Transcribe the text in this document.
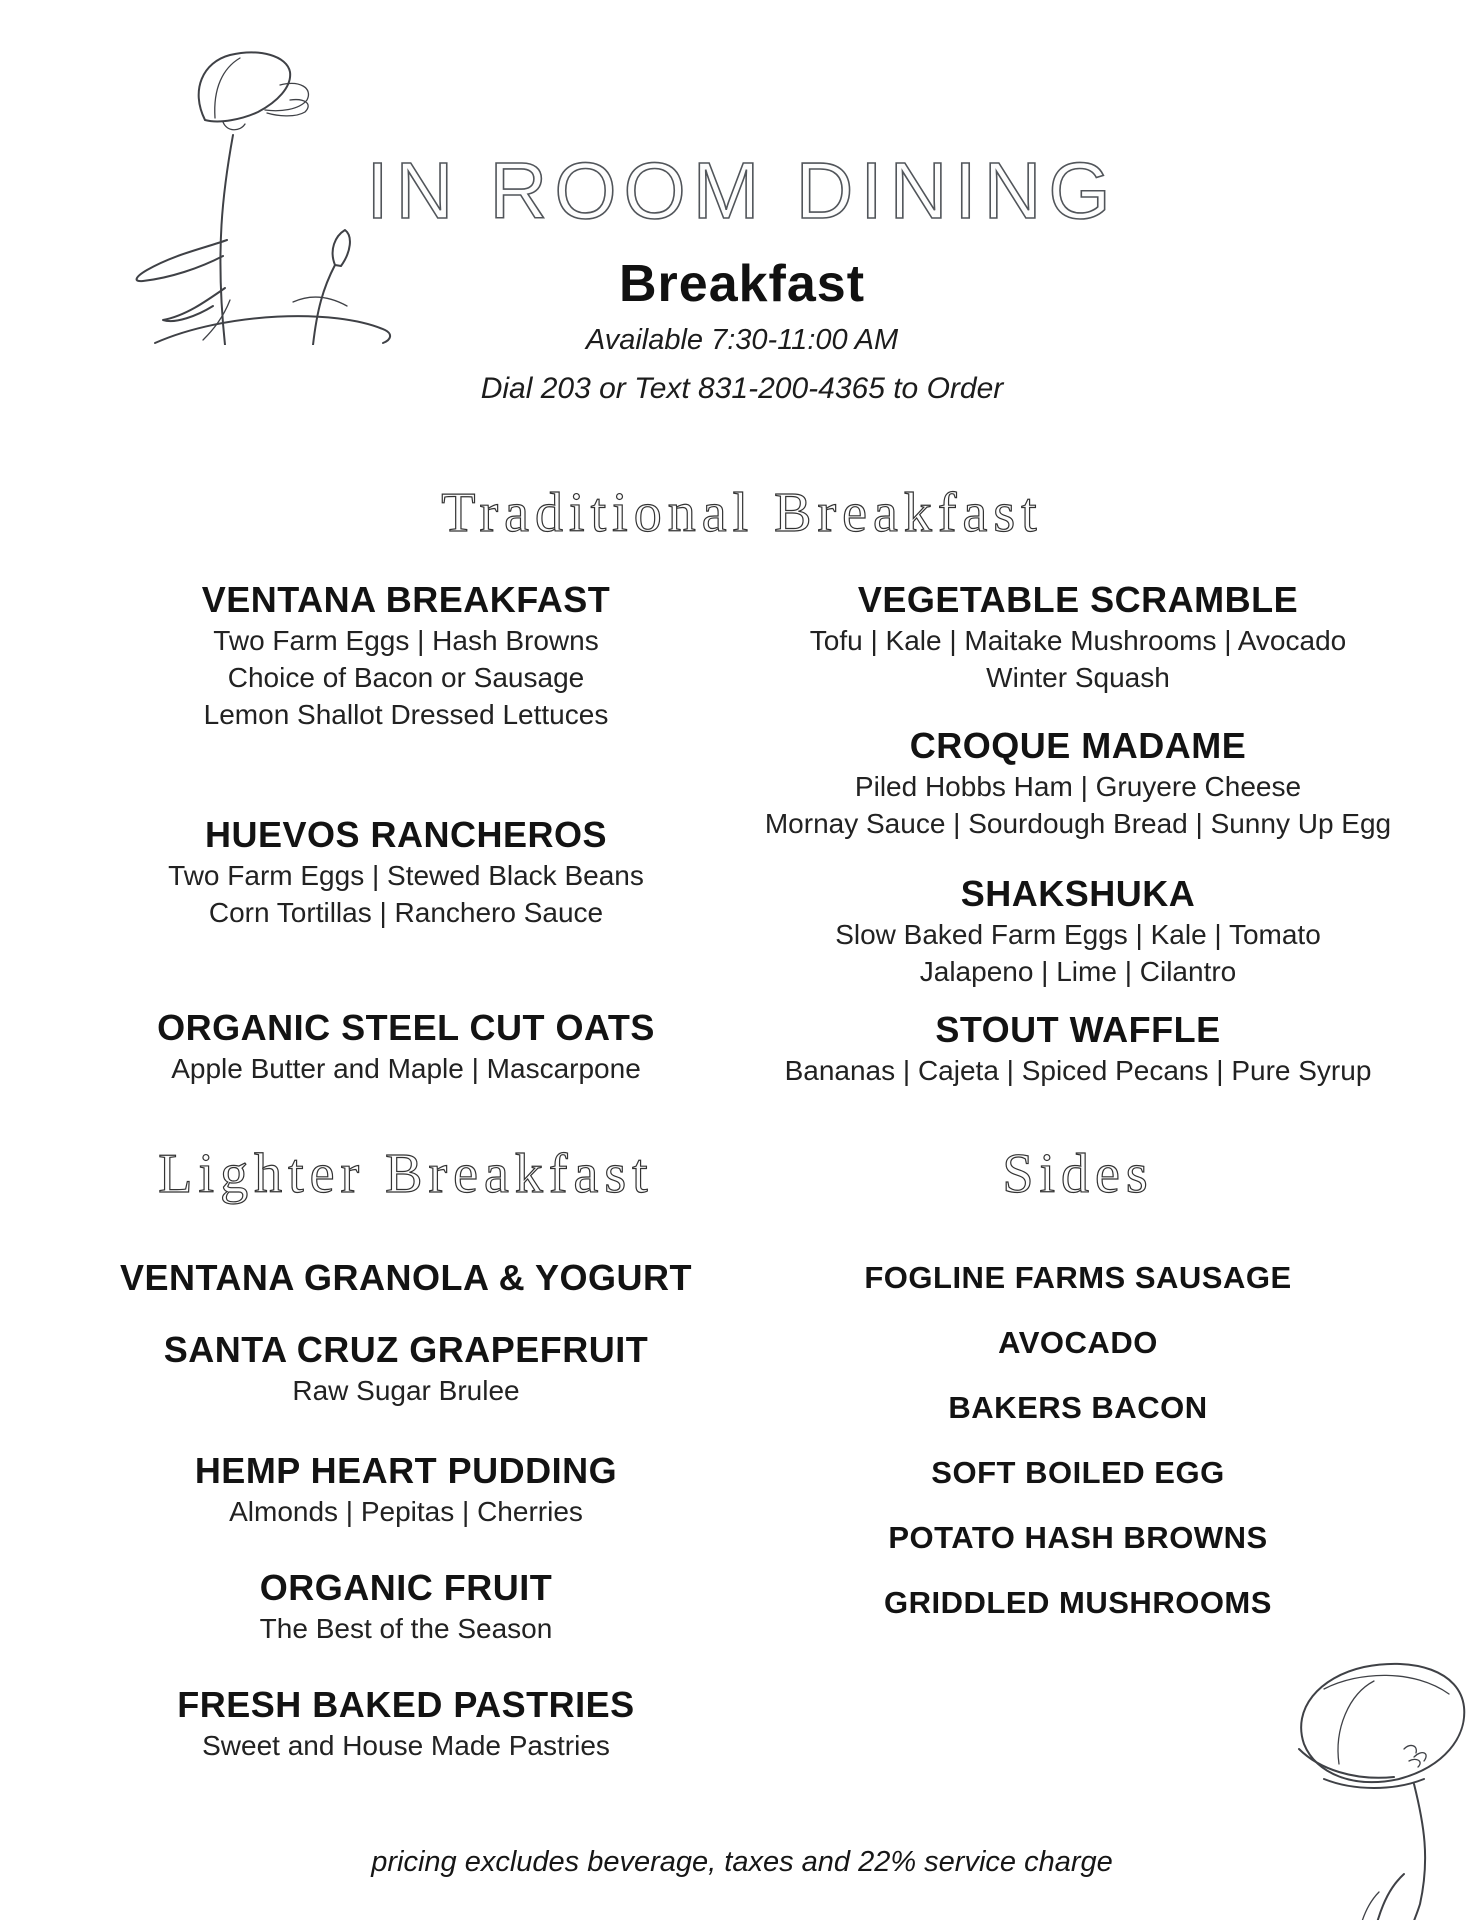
IN ROOM DINING
Breakfast
Available 7:30-11:00 AM
Dial 203 or Text 831-200-4365 to Order
Traditional Breakfast
VENTANA BREAKFAST
Two Farm Eggs | Hash Browns
Choice of Bacon or Sausage
Lemon Shallot Dressed Lettuces
HUEVOS RANCHEROS
Two Farm Eggs | Stewed Black Beans
Corn Tortillas | Ranchero Sauce
ORGANIC STEEL CUT OATS
Apple Butter and Maple | Mascarpone
VEGETABLE SCRAMBLE
Tofu | Kale | Maitake Mushrooms | Avocado
Winter Squash
CROQUE MADAME
Piled Hobbs Ham | Gruyere Cheese
Mornay Sauce | Sourdough Bread | Sunny Up Egg
SHAKSHUKA
Slow Baked Farm Eggs | Kale | Tomato
Jalapeno | Lime | Cilantro
STOUT WAFFLE
Bananas | Cajeta | Spiced Pecans | Pure Syrup
Lighter Breakfast
VENTANA GRANOLA & YOGURT
SANTA CRUZ GRAPEFRUIT
Raw Sugar Brulee
HEMP HEART PUDDING
Almonds | Pepitas | Cherries
ORGANIC FRUIT
The Best of the Season
FRESH BAKED PASTRIES
Sweet and House Made Pastries
Sides
FOGLINE FARMS SAUSAGE
AVOCADO
BAKERS BACON
SOFT BOILED EGG
POTATO HASH BROWNS
GRIDDLED MUSHROOMS
pricing excludes beverage, taxes and 22% service charge
